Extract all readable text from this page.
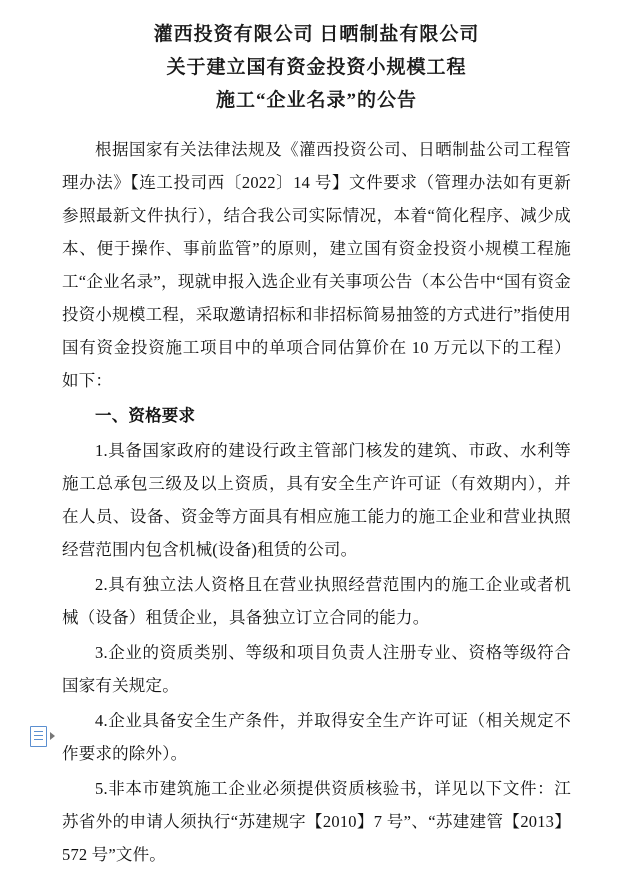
灌西投资有限公司 日晒制盐有限公司
关于建立国有资金投资小规模工程
施工“企业名录”的公告

根据国家有关法律法规及《灌西投资公司、日晒制盐公司工程管理办法》【连工投司西〔2022〕14 号】文件要求（管理办法如有更新参照最新文件执行），结合我公司实际情况，本着“简化程序、减少成本、便于操作、事前监管”的原则，建立国有资金投资小规模工程施工“企业名录”，现就申报入选企业有关事项公告（本公告中“国有资金投资小规模工程，采取邀请招标和非招标简易抽签的方式进行”指使用国有资金投资施工项目中的单项合同估算价在 10 万元以下的工程）如下：

一、资格要求

1.具备国家政府的建设行政主管部门核发的建筑、市政、水利等施工总承包三级及以上资质，具有安全生产许可证（有效期内），并在人员、设备、资金等方面具有相应施工能力的施工企业和营业执照经营范围内包含机械(设备)租赁的公司。

2.具有独立法人资格且在营业执照经营范围内的施工企业或者机械（设备）租赁企业，具备独立订立合同的能力。

3.企业的资质类别、等级和项目负责人注册专业、资格等级符合国家有关规定。

4.企业具备安全生产条件，并取得安全生产许可证（相关规定不作要求的除外）。

5.非本市建筑施工企业必须提供资质核验书，详见以下文件：江苏省外的申请人须执行“苏建规字【2010】7 号”、“苏建建管【2013】572 号”文件。
